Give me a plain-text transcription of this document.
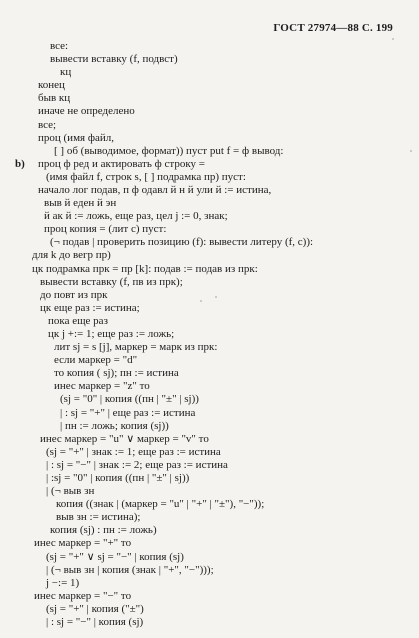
ГОСТ 27974—88 С. 199
b)
все:
вывести вставку (f, подвст)
кц
конец
быв кц
иначе не определено
все;
проц (имя файл,
[ ] об (выводимое, формат)) пуст put f = ф вывод:
проц ф ред и актировать ф строку =
(имя файл f, строк s, [ ] подрамка пр) пуст:
начало лог подав, п ф одавл й н й ули й := истина,
выв й еден й эн
й ак й := ложь, еще раз, цел j := 0, знак;
проц копия = (лит с) пуст:
(¬ подав | проверить позицию (f): вывести литеру (f, с)):
для k до вегр пр)
цк подрамка прк = пр [k]: подав := подав из прк:
вывести вставку (f, пв из прк);
до повт из прк
цк еще раз := истина;
пока еще раз
цк j +:= 1; еще раз := ложь;
лит sj = s [j], маркер = марк из прк:
если маркер = "d"
то копия ( sj); пн := истина
инес маркер = "z" то
(sj = "0" | копия ((пн | "±" | sj))
| : sj = "+" | еще раз := истина
| пн := ложь; копия (sj))
инес маркер = "u" ∨ маркер = "v" то
(sj = "+" | знак := 1; еще раз := истина
| : sj = "−" | знак := 2; еще раз := истина
| :sj = "0" | копия ((пн | "±" | sj))
| (¬ выв зн
копия ((знак | (маркер = "u" | "+" | "±"), "−"));
выв зн := истина);
копия (sj) : пн := ложь)
инес маркер = "+" то
(sj = "+" ∨ sj = "−" | копия (sj)
| (¬ выв зн | копия (знак | "+", "−")));
j −:= 1)
инес маркер = "−" то
(sj = "+" | копия ("±")
| : sj = "−" | копия (sj)
